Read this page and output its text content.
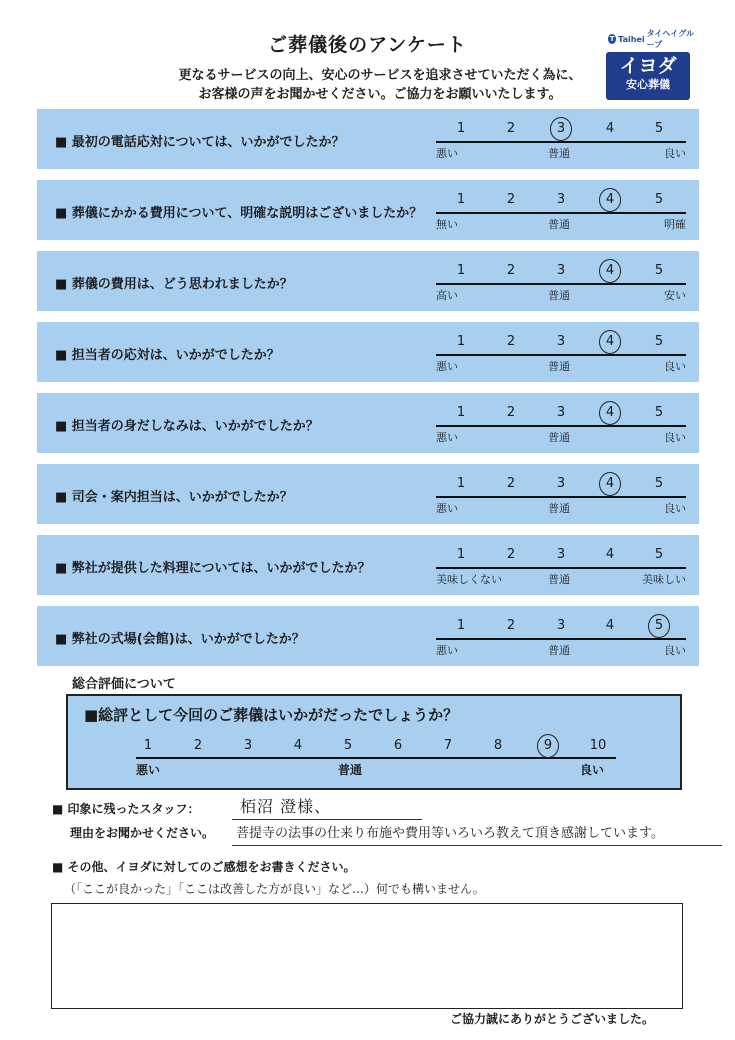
ご葬儀後のアンケート
更なるサービスの向上、安心のサービスを追求させていただく為に、
お客様の声をお聞かせください。ご協力をお願いいたします。
T Taihei
タイヘイグループ
イヨダ
安心葬儀
■ 最初の電話応対については、いかがでしたか？
1	2	3	4	5
悪い	普通	良い
■ 葬儀にかかる費用について、明確な説明はございましたか？
1	2	3	4	5
無い	普通	明確
■ 葬儀の費用は、どう思われましたか？
1	2	3	4	5
高い	普通	安い
■ 担当者の応対は、いかがでしたか？
1	2	3	4	5
悪い	普通	良い
■ 担当者の身だしなみは、いかがでしたか？
1	2	3	4	5
悪い	普通	良い
■ 司会・案内担当は、いかがでしたか？
1	2	3	4	5
悪い	普通	良い
■ 弊社が提供した料理については、いかがでしたか？
1	2	3	4	5
美味しくない	普通	美味しい
■ 弊社の式場(会館)は、いかがでしたか？
1	2	3	4	5
悪い	普通	良い
総合評価について
■総評として今回のご葬儀はいかがだったでしょうか？
1	2	3	4	5	6	7	8	9	10
悪い	普通	良い
■ 印象に残ったスタッフ：	栢沼 澄様、
理由をお聞かせください。 菩提寺の法事の仕来り布施や費用等いろいろ教えて頂き感謝しています。
■ その他、イヨダに対してのご感想をお書きください。
（「ここが良かった」「ここは改善した方が良い」など…）何でも構いません。
ご協力誠にありがとうございました。
